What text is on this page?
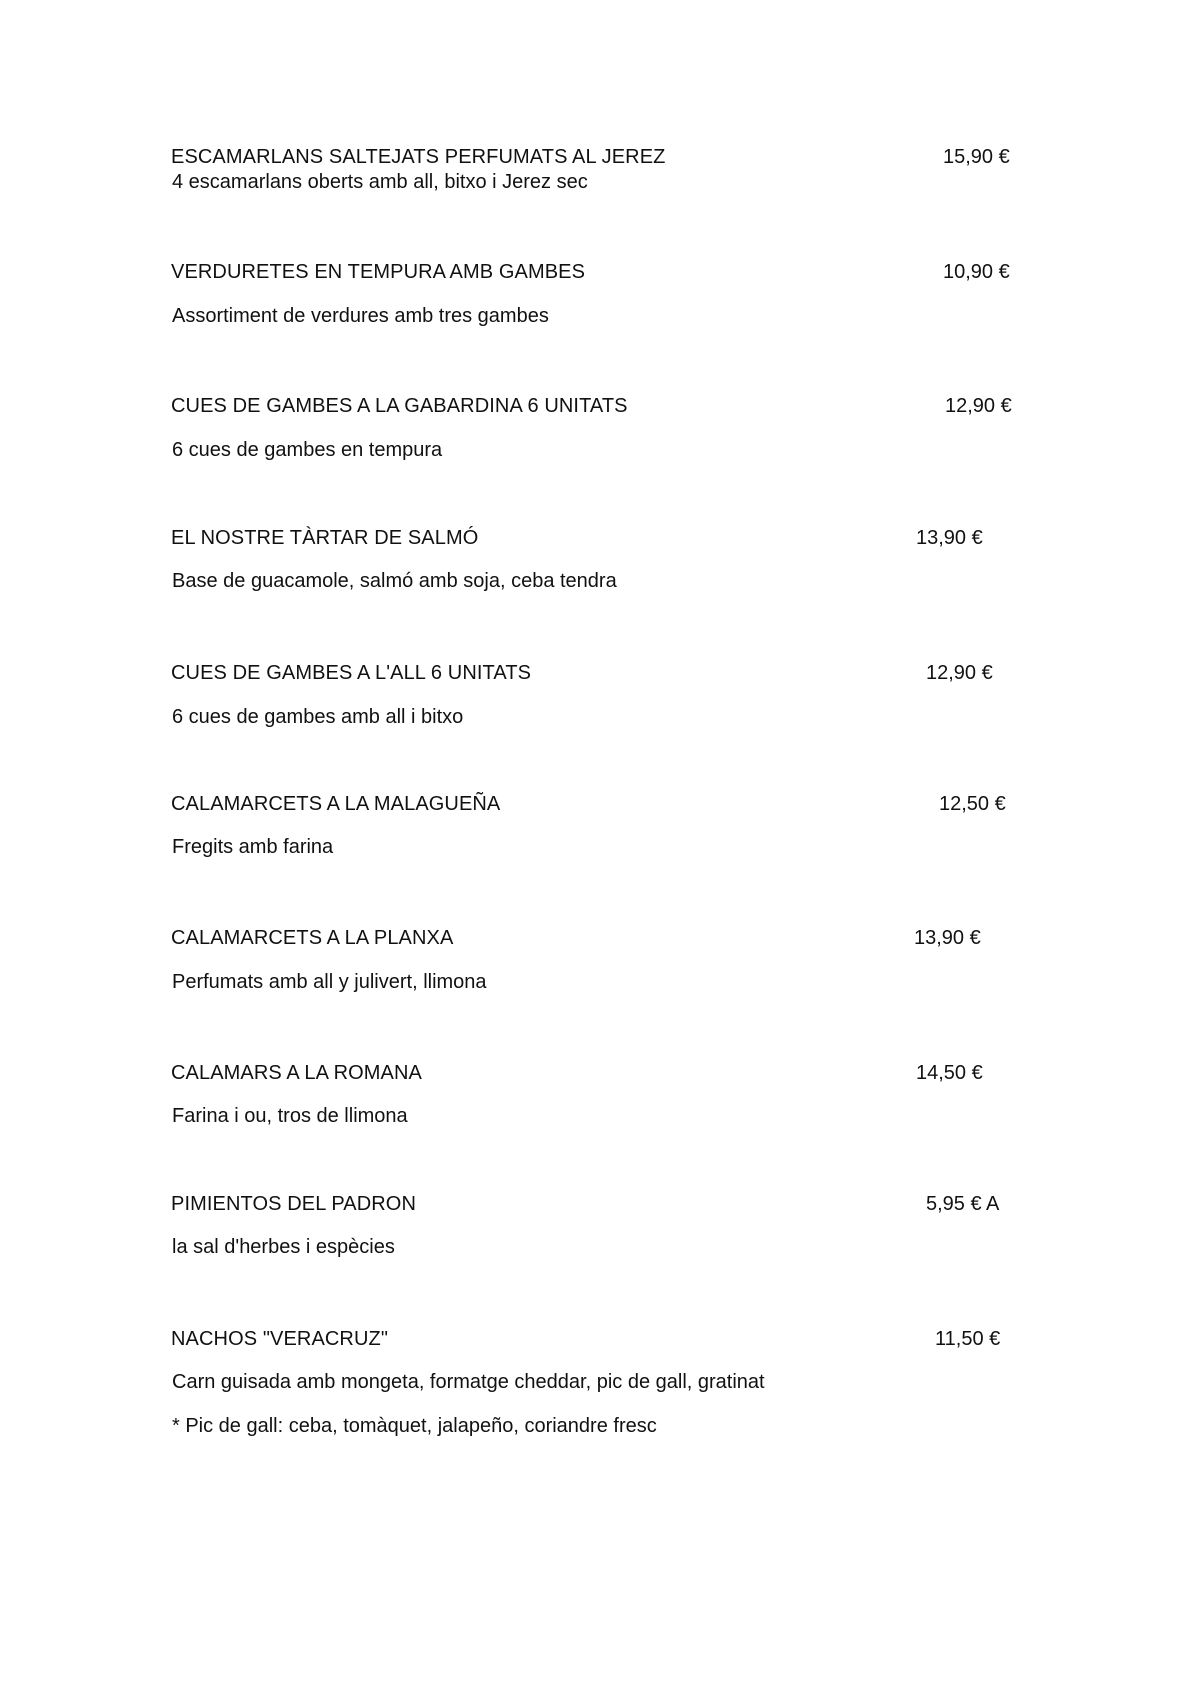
ESCAMARLANS SALTEJATS PERFUMATS AL JEREZ	15,90 €
4 escamarlans oberts amb all, bitxo i Jerez sec
VERDURETES EN TEMPURA AMB GAMBES	10,90 €
Assortiment de verdures amb tres gambes
CUES DE GAMBES A LA GABARDINA 6 UNITATS	12,90 €
6 cues de gambes en tempura
EL NOSTRE TÀRTAR DE SALMÓ	13,90 €
Base de guacamole, salmó amb soja, ceba tendra
CUES DE GAMBES A L'ALL 6 UNITATS	12,90 €
6 cues de gambes amb all i bitxo
CALAMARCETS A LA MALAGUEÑA	12,50 €
Fregits amb farina
CALAMARCETS A LA PLANXA	13,90 €
Perfumats amb all y julivert, llimona
CALAMARS A LA ROMANA	14,50 €
Farina i ou, tros de llimona
PIMIENTOS DEL PADRON	5,95 € A
la sal d'herbes i espècies
NACHOS "VERACRUZ"	11,50 €
Carn guisada amb mongeta, formatge cheddar, pic de gall, gratinat
* Pic de gall: ceba, tomàquet, jalapeño, coriandre fresc
